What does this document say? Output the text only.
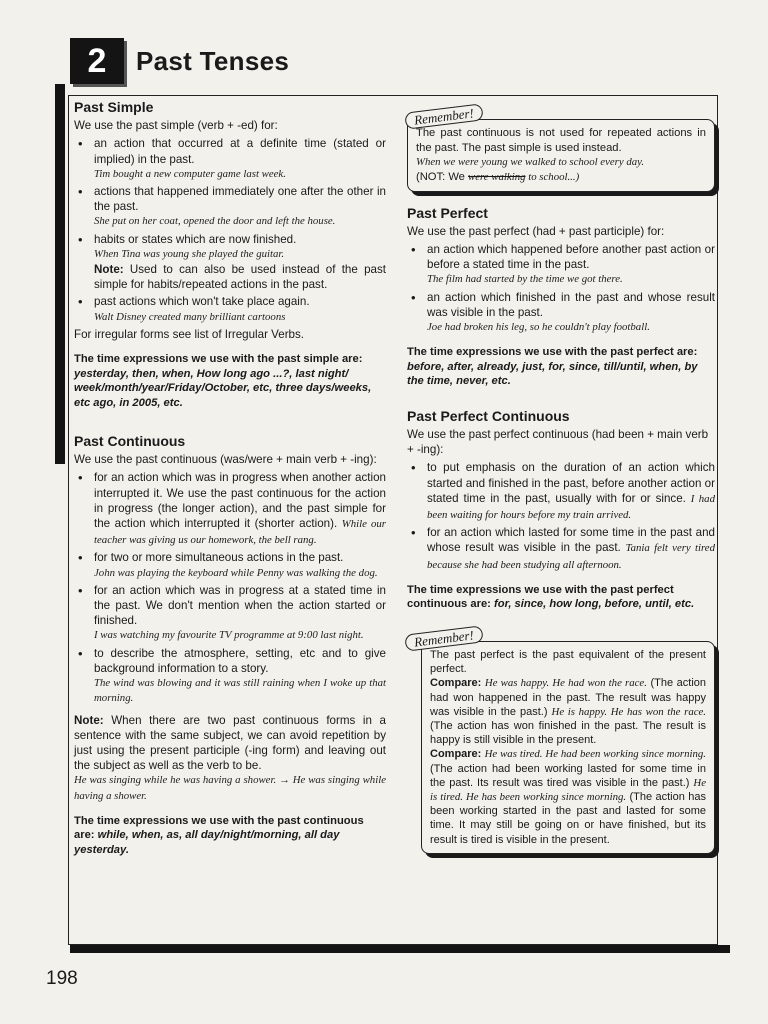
2	Past Tenses
Past Simple

We use the past simple (verb + -ed) for:

• an action that occurred at a definite time (stated or implied) in the past.
Tim bought a new computer game last week.
• actions that happened immediately one after the other in the past.
She put on her coat, opened the door and left the house.
• habits or states which are now finished.
When Tina was young she played the guitar.
Note: Used to can also be used instead of the past simple for habits/repeated actions in the past.
• past actions which won't take place again.
Walt Disney created many brilliant cartoons

For irregular forms see list of Irregular Verbs.

The time expressions we use with the past simple are: yesterday, then, when, How long ago ...?, last night/ week/month/year/Friday/October, etc, three days/weeks, etc ago, in 2005, etc.

Past Continuous

We use the past continuous (was/were + main verb + -ing):

• for an action which was in progress when another action interrupted it. We use the past continuous for the action in progress (the longer action), and the past simple for the action which interrupted it (shorter action). While our teacher was giving us our homework, the bell rang.
• for two or more simultaneous actions in the past.
John was playing the keyboard while Penny was walking the dog.
• for an action which was in progress at a stated time in the past. We don't mention when the action started or finished.
I was watching my favourite TV programme at 9:00 last night.
• to describe the atmosphere, setting, etc and to give background information to a story.
The wind was blowing and it was still raining when I woke up that morning.

Note: When there are two past continuous forms in a sentence with the same subject, we can avoid repetition by just using the present participle (-ing form) and leaving out the subject as well as the verb to be.
He was singing while he was having a shower. → He was singing while having a shower.

The time expressions we use with the past continuous are: while, when, as, all day/night/morning, all day yesterday.

Remember!
The past continuous is not used for repeated actions in the past. The past simple is used instead.
When we were young we walked to school every day.
(NOT: We were walking to school...)
Past Perfect

We use the past perfect (had + past participle) for:

• an action which happened before another past action or before a stated time in the past.
The film had started by the time we got there.
• an action which finished in the past and whose result was visible in the past.
Joe had broken his leg, so he couldn't play football.

The time expressions we use with the past perfect are: before, after, already, just, for, since, till/until, when, by the time, never, etc.

Past Perfect Continuous

We use the past perfect continuous (had been + main verb + -ing):

• to put emphasis on the duration of an action which started and finished in the past, before another action or stated time in the past, usually with for or since. I had been waiting for hours before my train arrived.
• for an action which lasted for some time in the past and whose result was visible in the past. Tania felt very tired because she had been studying all afternoon.

The time expressions we use with the past perfect continuous are: for, since, how long, before, until, etc.

Remember!
The past perfect is the past equivalent of the present perfect.
Compare: He was happy. He had won the race. (The action had won happened in the past. The result was happy was visible in the past.) He is happy. He has won the race. (The action has won finished in the past. The result is happy is still visible in the present.
Compare: He was tired. He had been working since morning. (The action had been working lasted for some time in the past. Its result was tired was visible in the past.) He is tired. He has been working since morning. (The action has been working started in the past and lasted for some time. It may still be going on or have finished, but its result is tired is visible in the present.
198
